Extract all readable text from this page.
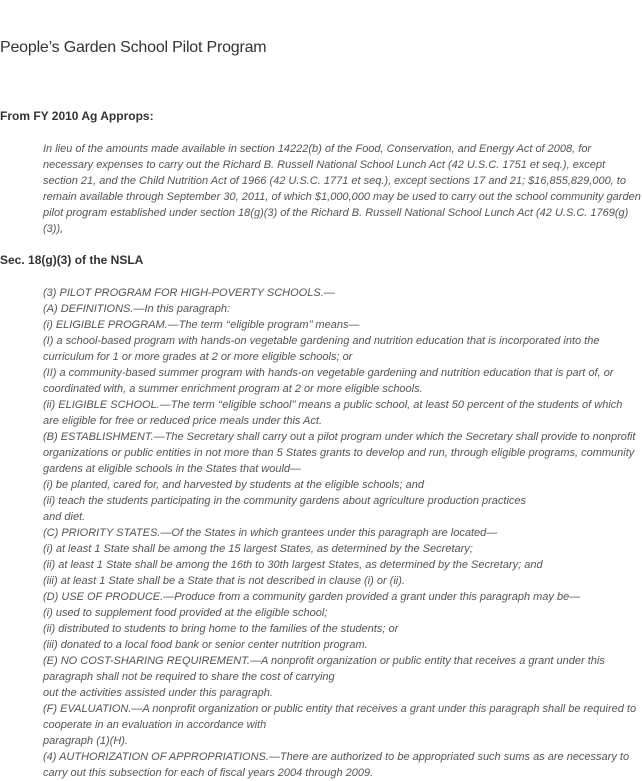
People’s Garden School Pilot Program
From FY 2010 Ag Approps:

In lieu of the amounts made available in section 14222(b) of the Food, Conservation, and Energy Act of 2008, for necessary expenses to carry out the Richard B. Russell National School Lunch Act (42 U.S.C. 1751 et seq.), except section 21, and the Child Nutrition Act of 1966 (42 U.S.C. 1771 et seq.), except sections 17 and 21; $16,855,829,000, to remain available through September 30, 2011, of which $1,000,000 may be used to carry out the school community garden pilot program established under section 18(g)(3) of the Richard B. Russell National School Lunch Act (42 U.S.C. 1769(g)(3)),

Sec. 18(g)(3) of the NSLA

(3) PILOT PROGRAM FOR HIGH-POVERTY SCHOOLS.—

(A) DEFINITIONS.—In this paragraph:

(i) ELIGIBLE PROGRAM.—The term ‘‘eligible program’’ means—

(I) a school-based program with hands-on vegetable gardening and nutrition education that is incorporated into the curriculum for 1 or more grades at 2 or more eligible schools; or

(II) a community-based summer program with hands-on vegetable gardening and nutrition education that is part of, or coordinated with, a summer enrichment program at 2 or more eligible schools.

(ii) ELIGIBLE SCHOOL.—The term ‘‘eligible school’’ means a public school, at least 50 percent of the students of which are eligible for free or reduced price meals under this Act.

(B) ESTABLISHMENT.—The Secretary shall carry out a pilot program under which the Secretary shall provide to nonprofit organizations or public entities in not more than 5 States grants to develop and run, through eligible programs, community gardens at eligible schools in the States that would—

(i) be planted, cared for, and harvested by students at the eligible schools; and

(ii) teach the students participating in the community gardens about agriculture production practices

and diet.

(C) PRIORITY STATES.—Of the States in which grantees under this paragraph are located—

(i) at least 1 State shall be among the 15 largest States, as determined by the Secretary;

(ii) at least 1 State shall be among the 16th to 30th largest States, as determined by the Secretary; and

(iii) at least 1 State shall be a State that is not described in clause (i) or (ii).

(D) USE OF PRODUCE.—Produce from a community garden provided a grant under this paragraph may be—

(i) used to supplement food provided at the eligible school;

(ii) distributed to students to bring home to the families of the students; or

(iii) donated to a local food bank or senior center nutrition program.

(E) NO COST-SHARING REQUIREMENT.—A nonprofit organization or public entity that receives a grant under this paragraph shall not be required to share the cost of carrying

out the activities assisted under this paragraph.

(F) EVALUATION.—A nonprofit organization or public entity that receives a grant under this paragraph shall be required to cooperate in an evaluation in accordance with

paragraph (1)(H).

(4) AUTHORIZATION OF APPROPRIATIONS.—There are authorized to be appropriated such sums as are necessary to carry out this subsection for each of fiscal years 2004 through 2009.
